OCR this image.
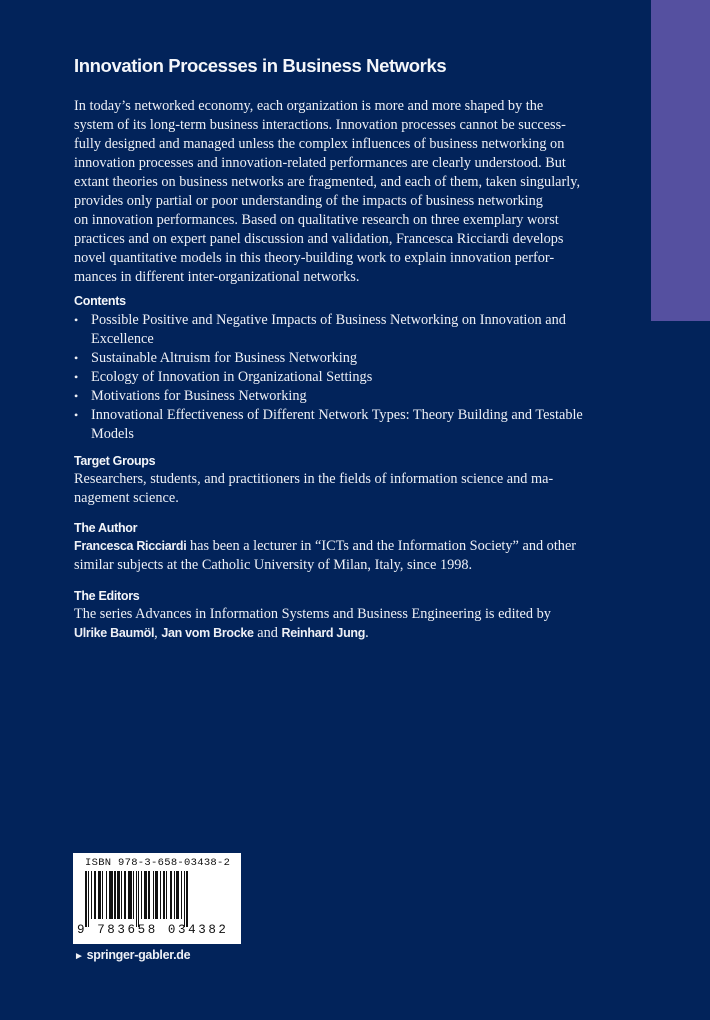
Innovation Processes in Business Networks

In today’s networked economy, each organization is more and more shaped by the

system of its long-term business interactions. Innovation processes cannot be success-

fully designed and managed unless the complex influences of business networking on

innovation processes and innovation-related performances are clearly understood. But

extant theories on business networks are fragmented, and each of them, taken singularly,

provides only partial or poor understanding of the impacts of business networking

on innovation performances. Based on qualitative research on three exemplary worst

practices and on expert panel discussion and validation, Francesca Ricciardi develops

novel quantitative models in this theory-building work to explain innovation perfor-

mances in different inter-organizational networks.

Contents
• Possible Positive and Negative Impacts of Business Networking on Innovation and Excellence
• Sustainable Altruism for Business Networking
• Ecology of Innovation in Organizational Settings
• Motivations for Business Networking
• Innovational Effectiveness of Different Network Types: Theory Building and Testable Models
Target Groups
Researchers, students, and practitioners in the fields of information science and ma-
nagement science.
The Author
Francesca Ricciardi has been a lecturer in “ICTs and the Information Society” and other
similar subjects at the Catholic University of Milan, Italy, since 1998.
The Editors
The series Advances in Information Systems and Business Engineering is edited by
Ulrike Baumöl, Jan vom Brocke and Reinhard Jung.
ISBN 978-3-658-03438-2
9 783658 034382
► springer-gabler.de
